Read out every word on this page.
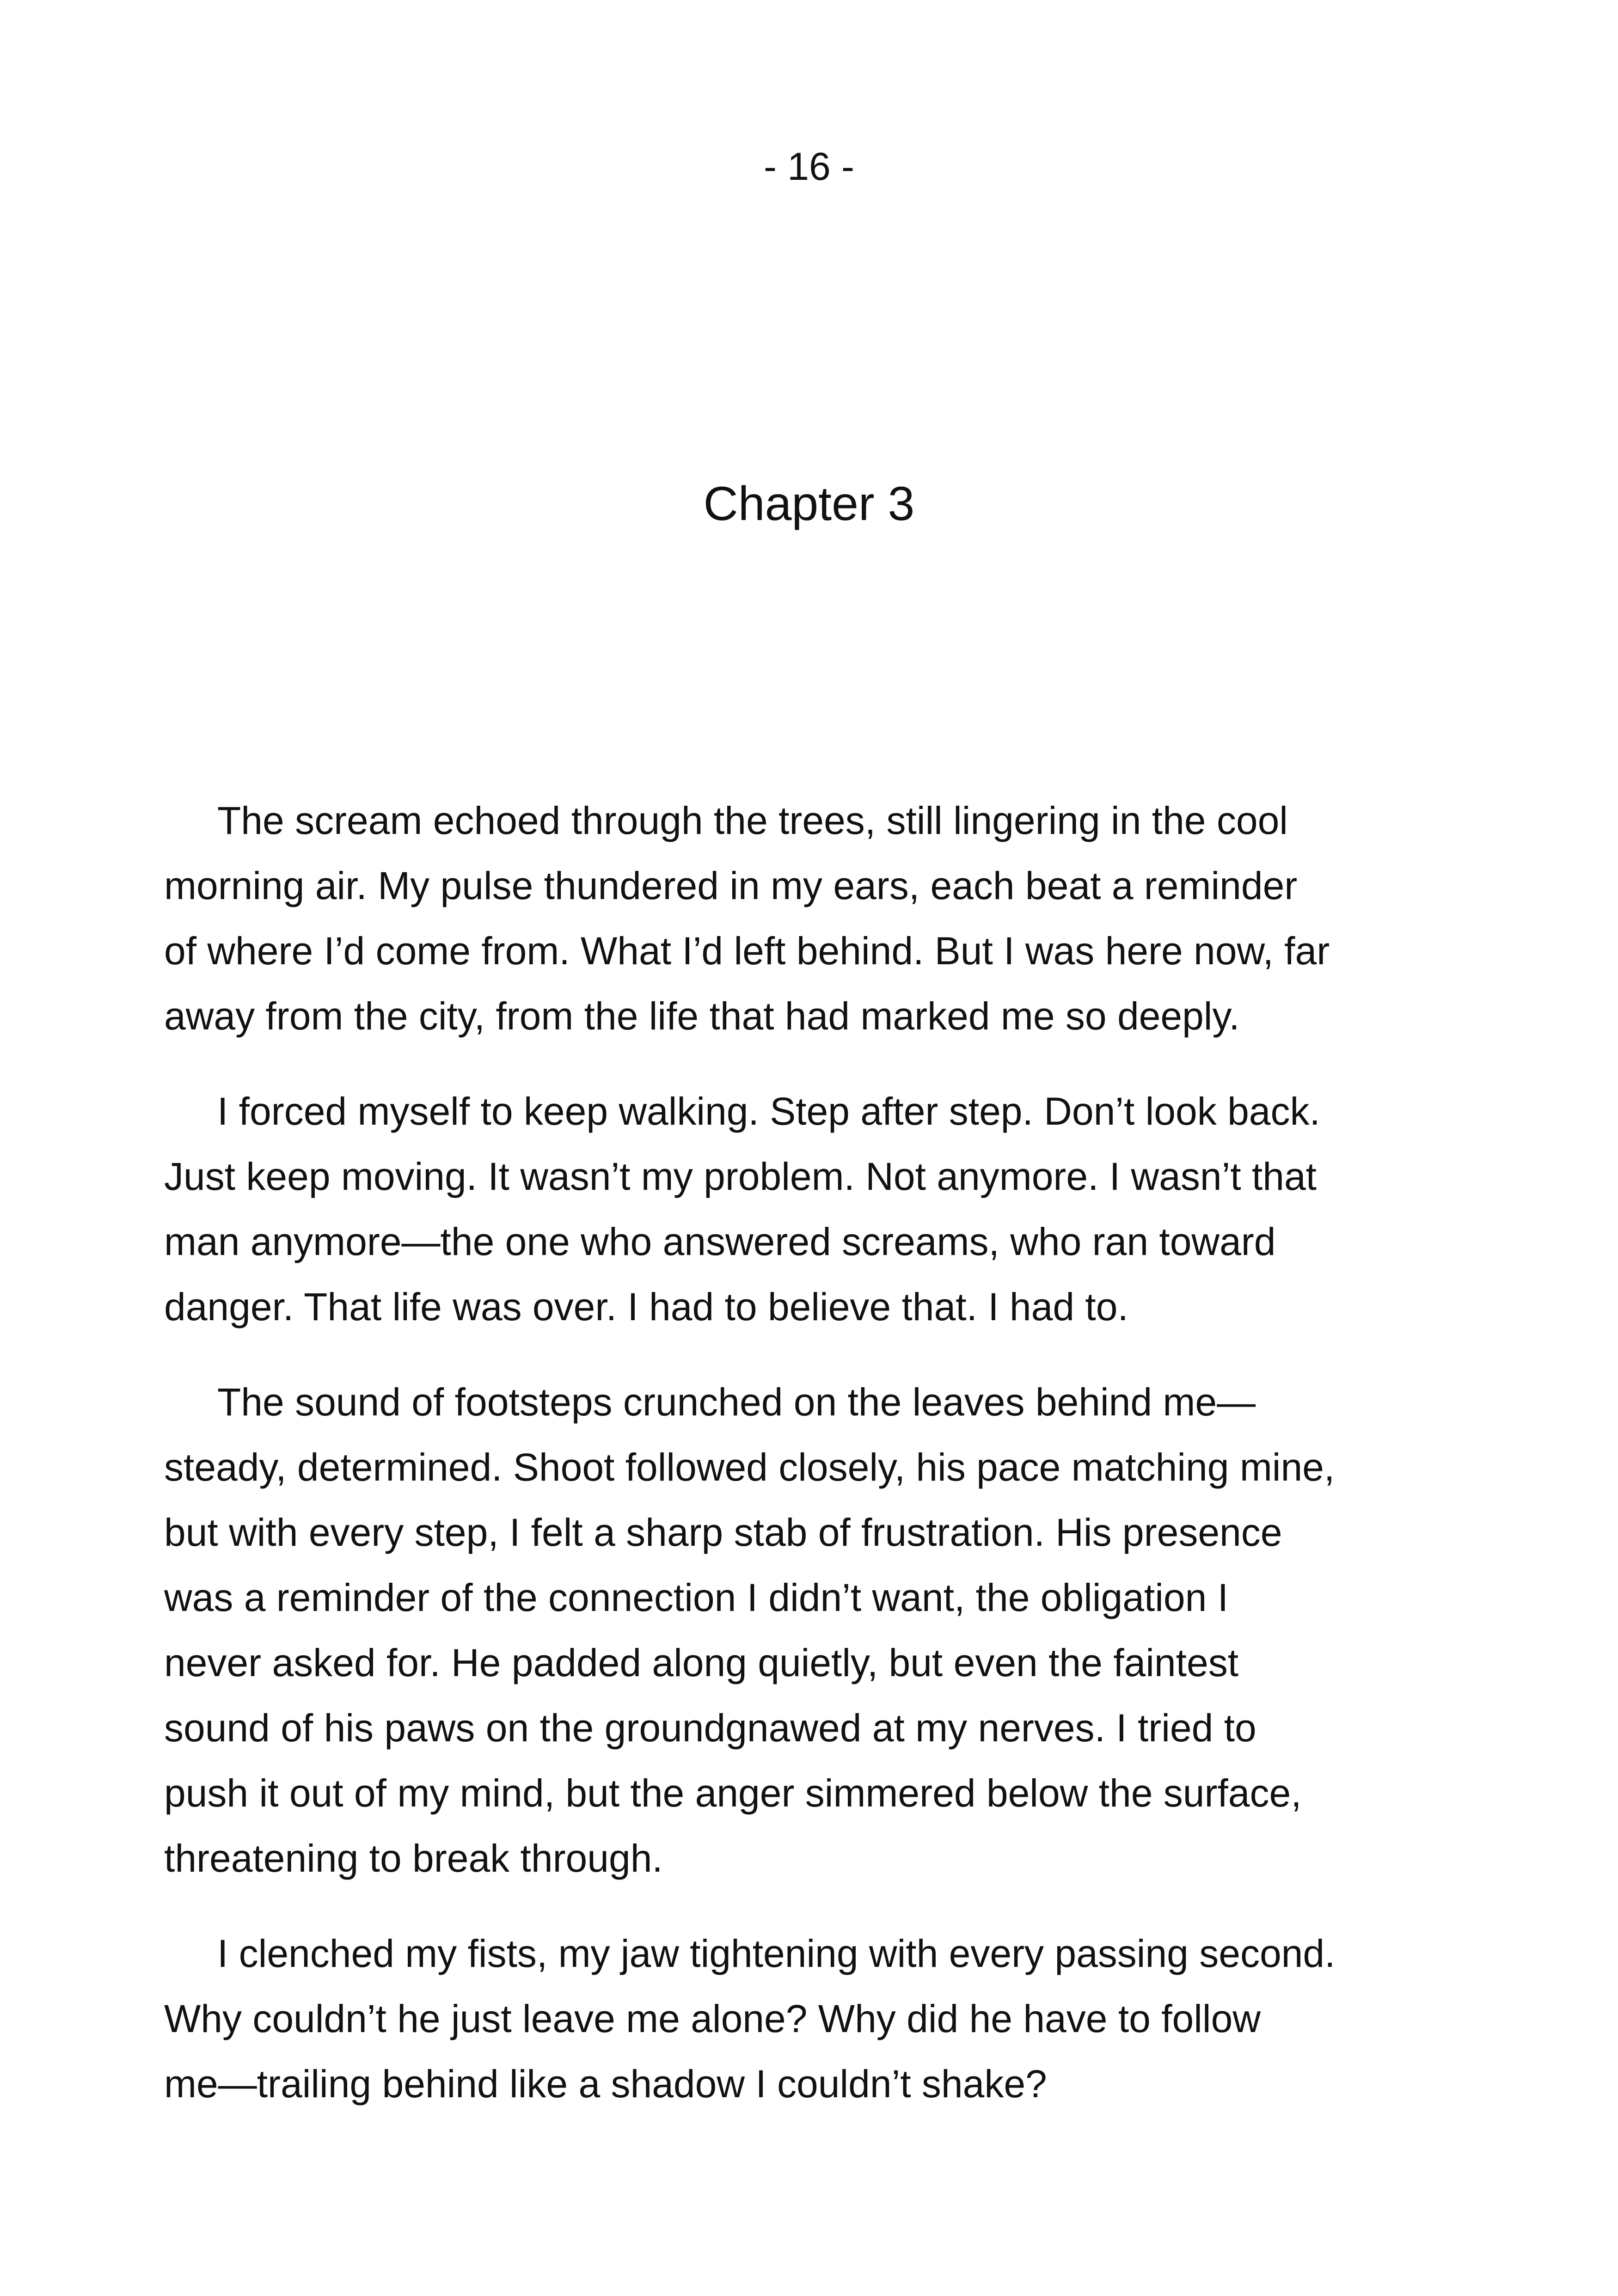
- 16 -
Chapter 3

The scream echoed through the trees, still lingering in the cool
morning air. My pulse thundered in my ears, each beat a reminder
of where I’d come from. What I’d left behind. But I was here now, far
away from the city, from the life that had marked me so deeply.

I forced myself to keep walking. Step after step. Don’t look back.
Just keep moving. It wasn’t my problem. Not anymore. I wasn’t that
man anymore—the one who answered screams, who ran toward
danger. That life was over. I had to believe that. I had to.

The sound of footsteps crunched on the leaves behind me—
steady, determined. Shoot followed closely, his pace matching mine,
but with every step, I felt a sharp stab of frustration. His presence
was a reminder of the connection I didn’t want, the obligation I
never asked for. He padded along quietly, but even the faintest
sound of his paws on the groundgnawed at my nerves. I tried to
push it out of my mind, but the anger simmered below the surface,
threatening to break through.

I clenched my fists, my jaw tightening with every passing second.
Why couldn’t he just leave me alone? Why did he have to follow
me—trailing behind like a shadow I couldn’t shake?
